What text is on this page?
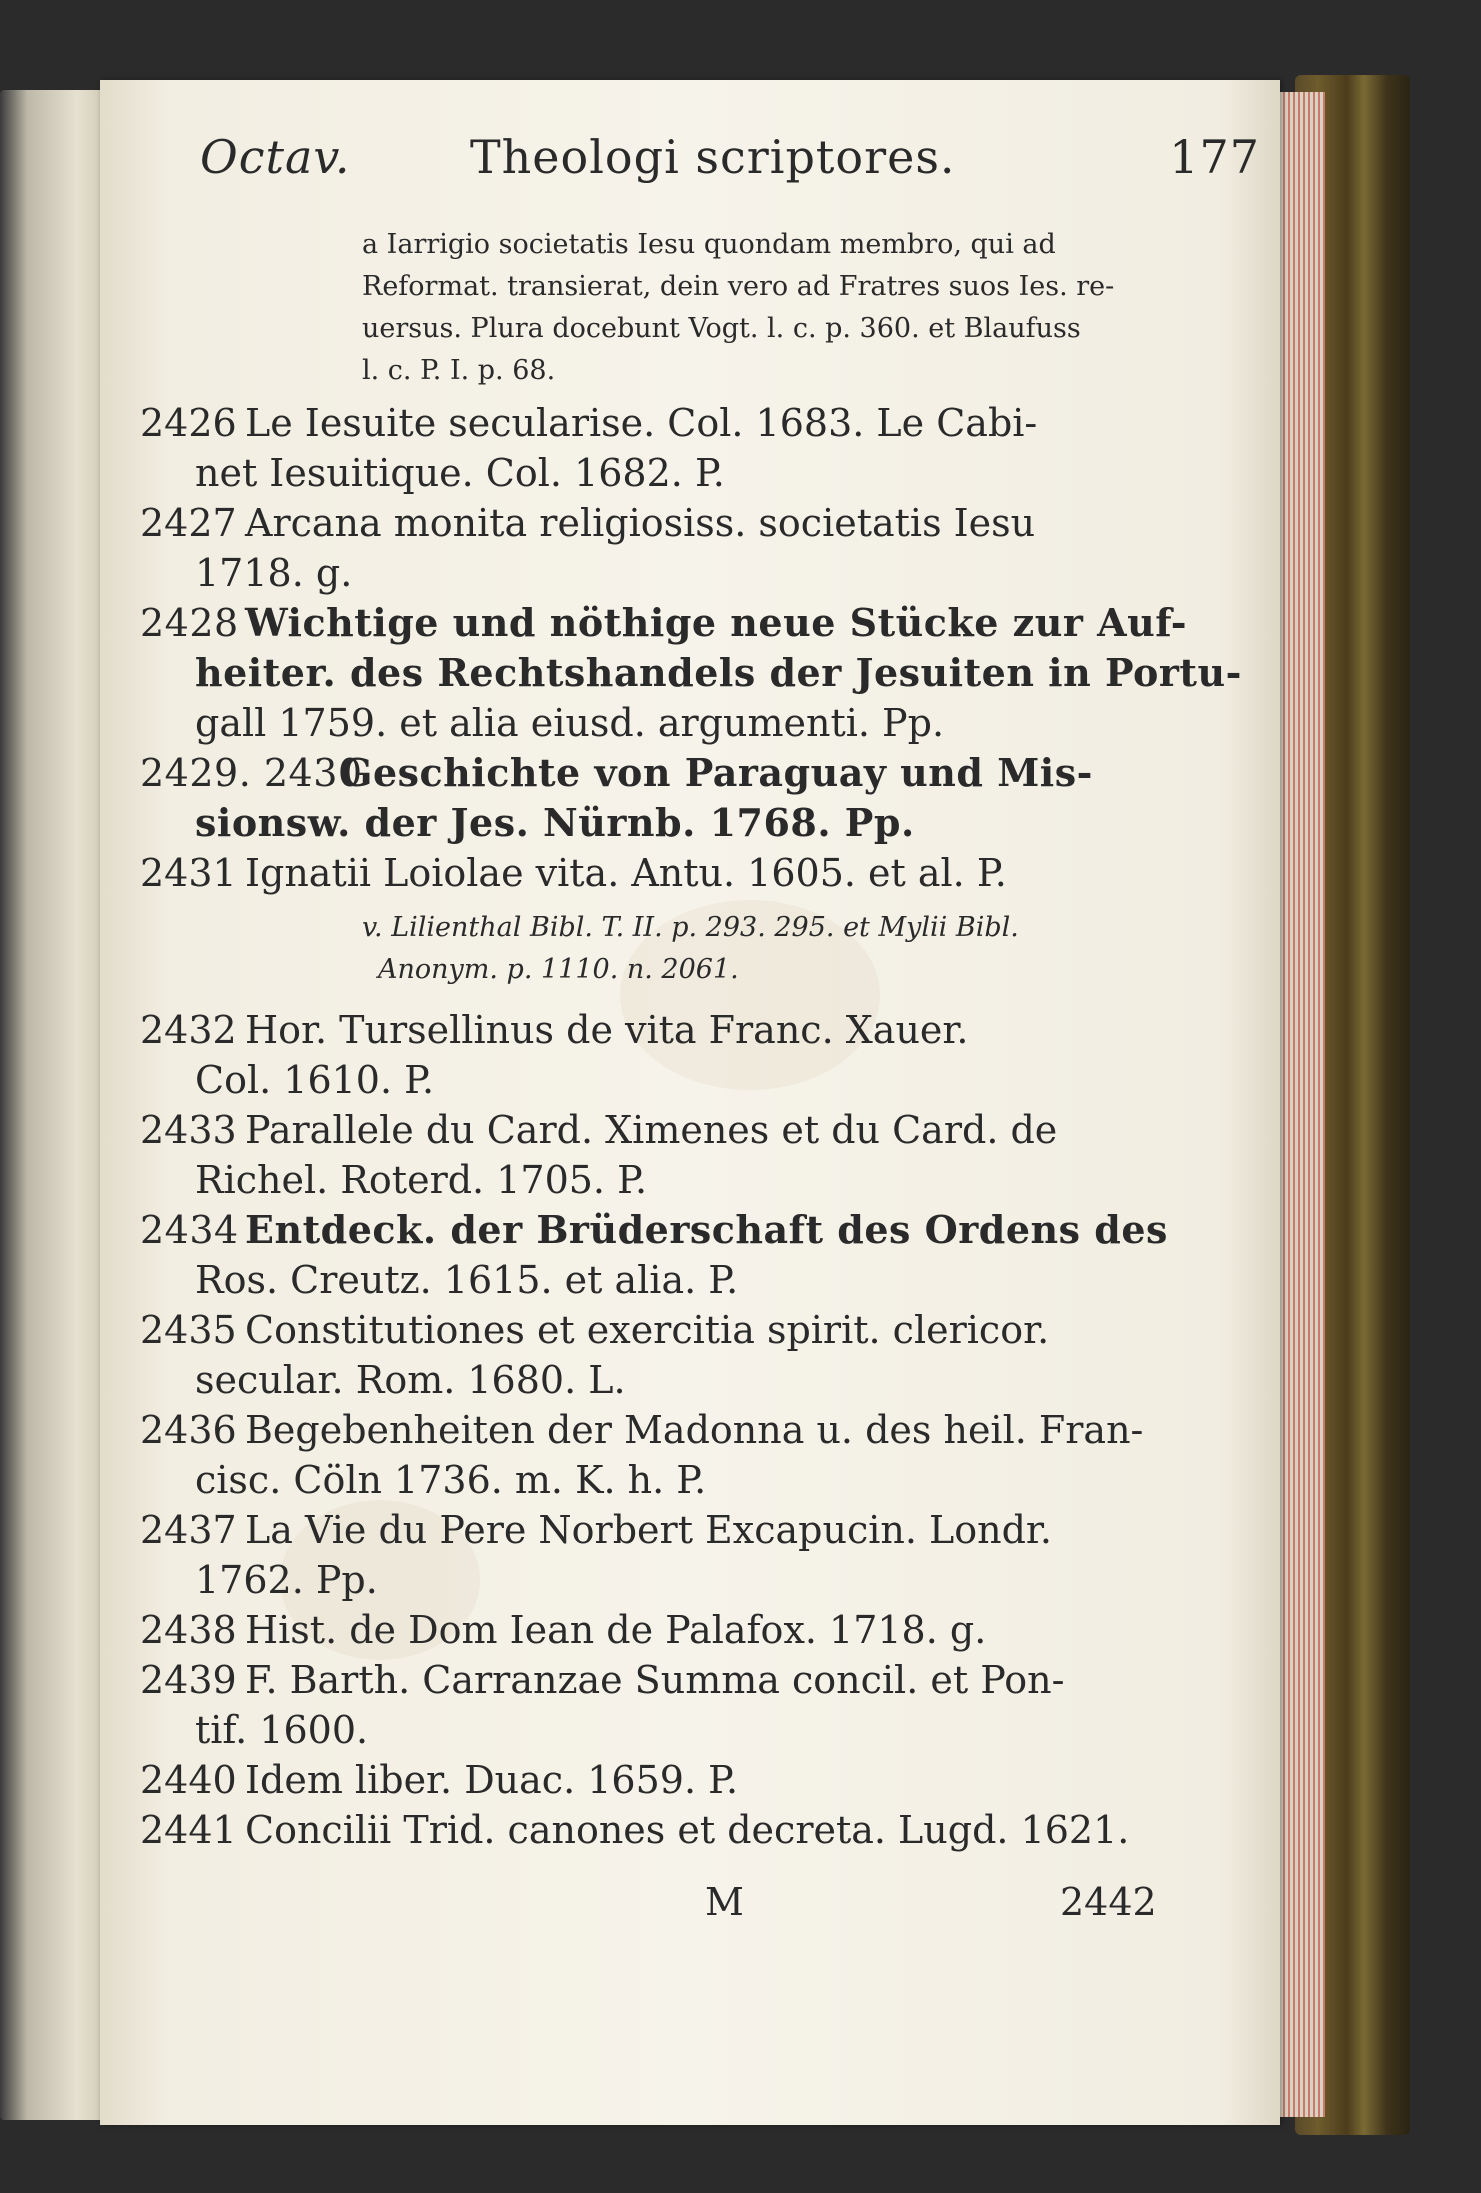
Octav.	Theologi scriptores.	177
a Iarrigio societatis Iesu quondam membro, qui ad
Reformat. transierat, dein vero ad Fratres suos Ies. re-
uersus. Plura docebunt Vogt. l. c. p. 360. et Blaufuss
l. c. P. I. p. 68.
2426 Le Iesuite secularise. Col. 1683. Le Cabi-
net Iesuitique. Col. 1682. P.
2427 Arcana monita religiosiss. societatis Iesu
1718. g.
2428 Wichtige und nöthige neue Stücke zur Auf-
heiter. des Rechtshandels der Jesuiten in Portu-
gall 1759. et alia eiusd. argumenti. Pp.
2429. 2430Geschichte von Paraguay und Mis-
sionsw. der Jes. Nürnb. 1768. Pp.
2431 Ignatii Loiolae vita. Antu. 1605. et al. P.
v. Lilienthal Bibl. T. II. p. 293. 295. et Mylii Bibl.
Anonym. p. 1110. n. 2061.
2432 Hor. Tursellinus de vita Franc. Xauer.
Col. 1610. P.
2433 Parallele du Card. Ximenes et du Card. de
Richel. Roterd. 1705. P.
2434 Entdeck. der Brüderschaft des Ordens des
Ros. Creutz. 1615. et alia. P.
2435 Constitutiones et exercitia spirit. clericor.
secular. Rom. 1680. L.
2436 Begebenheiten der Madonna u. des heil. Fran-
cisc. Cöln 1736. m. K. h. P.
2437 La Vie du Pere Norbert Excapucin. Londr.
1762. Pp.
2438 Hist. de Dom Iean de Palafox. 1718. g.
2439 F. Barth. Carranzae Summa concil. et Pon-
tif. 1600.
2440 Idem liber. Duac. 1659. P.
2441 Concilii Trid. canones et decreta. Lugd. 1621.
M	2442
